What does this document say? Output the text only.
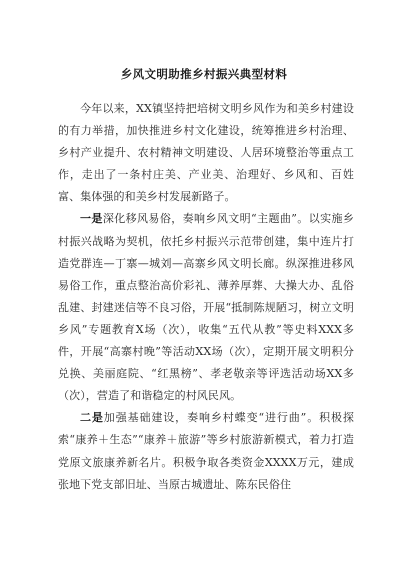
乡风文明助推乡村振兴典型材料

今年以来，XX镇坚持把培树文明乡风作为和美乡村建设的有力举措，加快推进乡村文化建设，统筹推进乡村治理、乡村产业提升、农村精神文明建设、人居环境整治等重点工作，走出了一条村庄美、产业美、治理好、乡风和、百姓富、集体强的和美乡村发展新路子。

一是深化移风易俗，奏响乡风文明“主题曲”。以实施乡村振兴战略为契机，依托乡村振兴示范带创建，集中连片打造党群连—丁寨—城刘—高寨乡风文明长廊。纵深推进移风易俗工作，重点整治高价彩礼、薄养厚葬、大操大办、乱俗乱建、封建迷信等不良习俗，开展“抵制陈规陋习，树立文明乡风”专题教育X场（次），收集“五代从教”等史料XXX多件，开展“高寨村晚”等活动XX场（次），定期开展文明积分兑换、美丽庭院、“红黑榜”、孝老敬亲等评选活动场XX多（次），营造了和谐稳定的村风民风。

二是加强基础建设，奏响乡村蝶变“进行曲”。积极探索“康养＋生态”“康养＋旅游”等乡村旅游新模式，着力打造党原文旅康养新名片。积极争取各类资金XXXX万元，建成张地下党支部旧址、当原古城遗址、陈东民俗住
